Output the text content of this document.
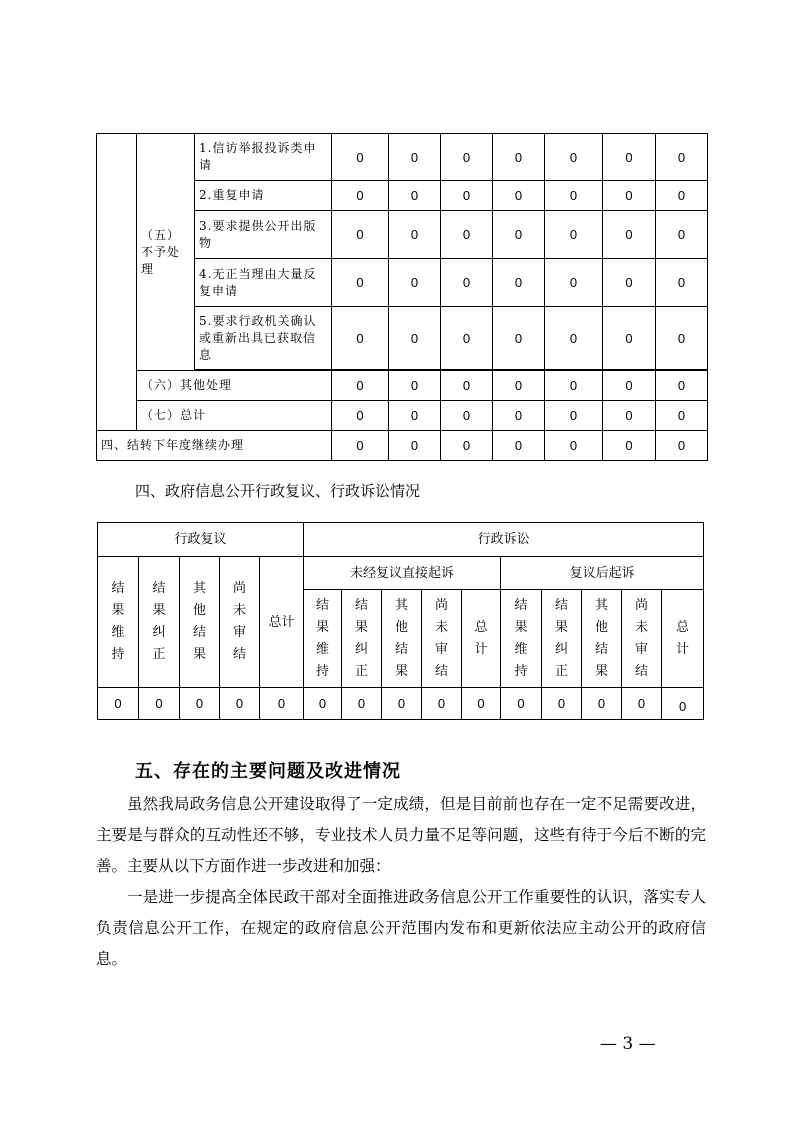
	（五）不予处理	1.信访举报投诉类申请	0	0	0	0	0	0	0
		2.重复申请	0	0	0	0	0	0	0
		3.要求提供公开出版物	0	0	0	0	0	0	0
		4.无正当理由大量反复申请	0	0	0	0	0	0	0
		5.要求行政机关确认或重新出具已获取信息	0	0	0	0	0	0	0

	（六）其他处理		0	0	0	0	0	0	0
	（七）总计		0	0	0	0	0	0	0
四、结转下年度继续办理			0	0	0	0	0	0	0
四、政府信息公开行政复议、行政诉讼情况
行政复议					行政诉讼									
结果维持	结果纠正	其他结果	尚未审结	总计	未经复议直接起诉					复议后起诉				
					结果维持	结果纠正	其他结果	尚未审结	总计	结果维持	结果纠正	其他结果	尚未审结	总计
0	0	0	0	0	0	0	0	0	0	0	0	0	0	0
五、存在的主要问题及改进情况

虽然我局政务信息公开建设取得了一定成绩，但是目前前也存在一定不足需要改进，主要是与群众的互动性还不够，专业技术人员力量不足等问题，这些有待于今后不断的完善。主要从以下方面作进一步改进和加强：

一是进一步提高全体民政干部对全面推进政务信息公开工作重要性的认识，落实专人负责信息公开工作，在规定的政府信息公开范围内发布和更新依法应主动公开的政府信息。

— 3 —
